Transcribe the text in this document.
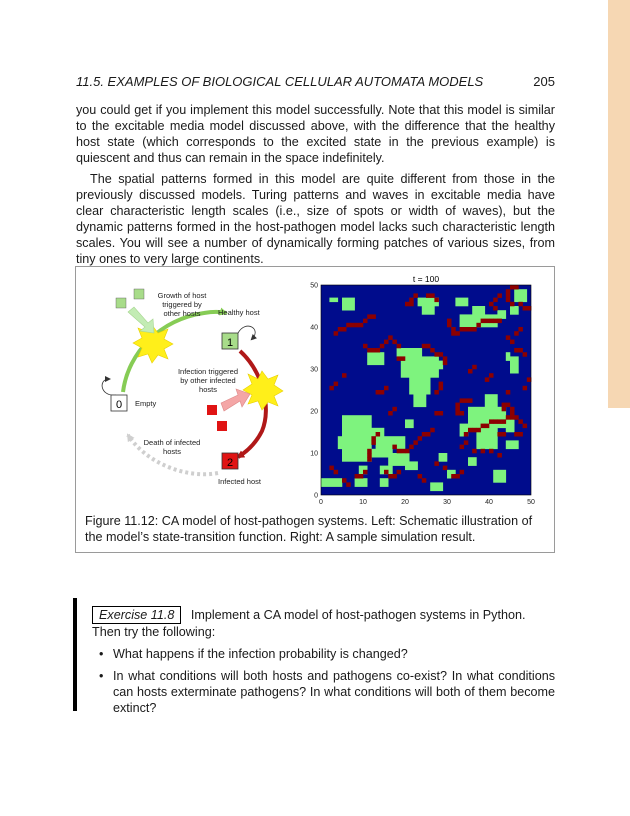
11.5. EXAMPLES OF BIOLOGICAL CELLULAR AUTOMATA MODELS	205

you could get if you implement this model successfully. Note that this model is similar to the excitable media model discussed above, with the difference that the healthy host state (which corresponds to the excited state in the previous example) is quiescent and thus can remain in the space indefinitely.

The spatial patterns formed in this model are quite different from those in the previously discussed models. Turing patterns and waves in excitable media have clear characteristic length scales (i.e., size of spots or width of waves), but the dynamic patterns formed in the host-pathogen model lacks such characteristic length scales. You will see a number of dynamically forming patches of various sizes, from tiny ones to very large continents.

0
1
2
Growth of host
triggered by
other hosts Healthy host
Infection triggered
by other infected
hosts
Empty
Death of infected
hosts
Infected host
t = 100
0	10	20	30	40	50
0
10
20
30
40
50

Figure 11.12: CA model of host-pathogen systems. Left: Schematic illustration of the model’s state-transition function. Right: A sample simulation result.

Exercise 11.8 Implement a CA model of host-pathogen systems in Python. Then try the following:
• What happens if the infection probability is changed?
• In what conditions will both hosts and pathogens co-exist? In what conditions can hosts exterminate pathogens? In what conditions will both of them become extinct?
